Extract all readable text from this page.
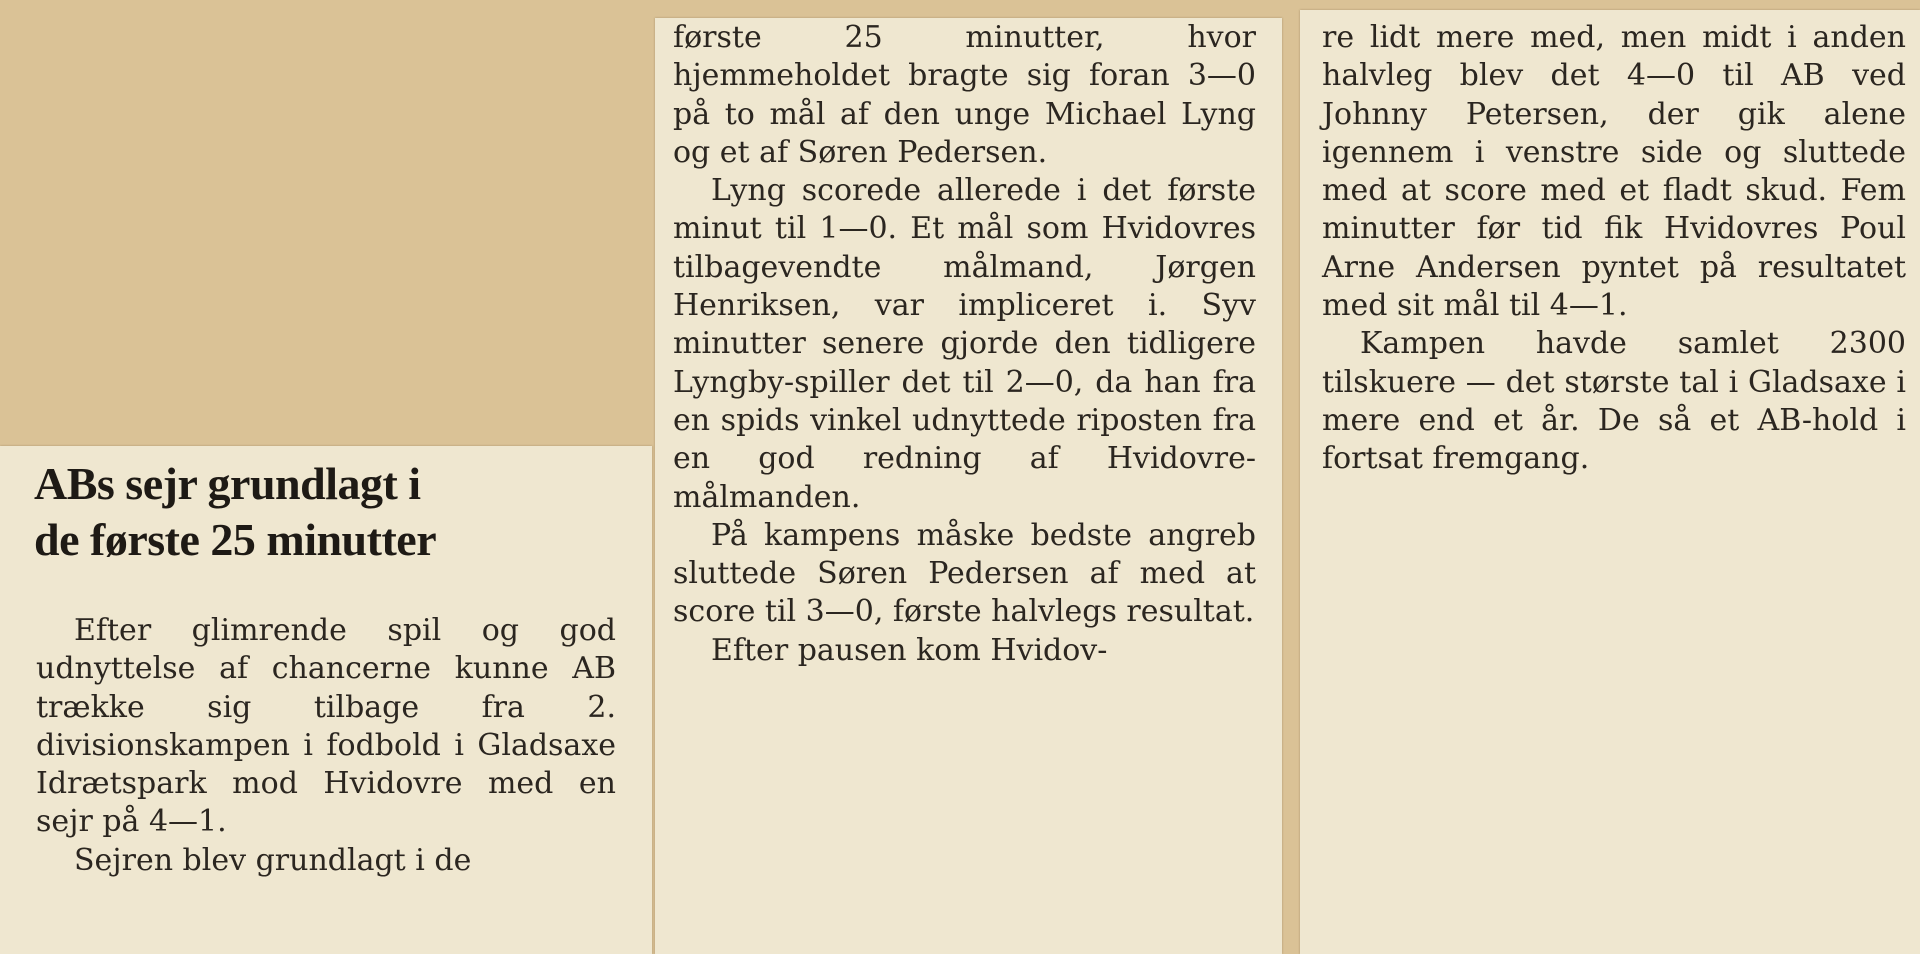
ABs sejr grundlagt i
de første 25 minutter

Efter glimrende spil og god udnyttelse af chancerne kunne AB trække sig tilbage fra 2. divisionskampen i fodbold i Gladsaxe Idrætspark mod Hvidovre med en sejr på 4—1.

Sejren blev grundlagt i de

første 25 minutter, hvor hjemmeholdet bragte sig foran 3—0 på to mål af den unge Michael Lyng og et af Søren Pedersen.

Lyng scorede allerede i det første minut til 1—0. Et mål som Hvidovres tilbagevendte målmand, Jørgen Henriksen, var impliceret i. Syv minutter senere gjorde den tidligere Lyngby-spiller det til 2—0, da han fra en spids vinkel udnyttede riposten fra en god redning af Hvidovre-målmanden.

På kampens måske bedste angreb sluttede Søren Pedersen af med at score til 3—0, første halvlegs resultat.

Efter pausen kom Hvidov-

re lidt mere med, men midt i anden halvleg blev det 4—0 til AB ved Johnny Petersen, der gik alene igennem i venstre side og sluttede med at score med et fladt skud. Fem minutter før tid fik Hvidovres Poul Arne Andersen pyntet på resultatet med sit mål til 4—1.

Kampen havde samlet 2300 tilskuere — det største tal i Gladsaxe i mere end et år. De så et AB-hold i fortsat fremgang.
